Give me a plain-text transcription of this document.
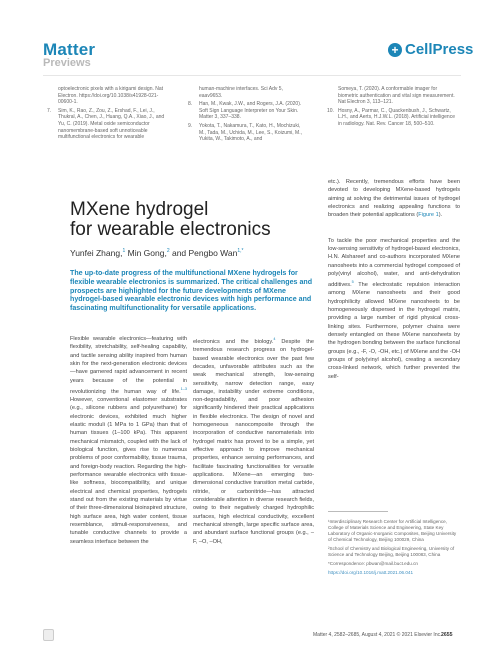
Matter
Previews
+ CellPress
optoelectronic pixels with a kirigami design. Nat Electron. https://doi.org/10.1038/s41928-021-00600-1.
7.	Sim, K., Rao, Z., Zou, Z., Ershad, F., Lei, J., Thukral, A., Chen, J., Huang, Q.A., Xiao, J., and Yu, C. (2019). Metal oxide semiconductor nanomembrane-based soft unnoticeable multifunctional electronics for wearable
human-machine interfaces. Sci Adv 5, eaav9653.
8.	Han, M., Kwak, J.W., and Rogers, J.A. (2020). Soft Sign Language Interpreter on Your Skin. Matter 3, 337–338.
9.	Yokota, T., Nakamura, T., Kato, H., Mochizuki, M., Tada, M., Uchida, M., Lee, S., Koizumi, M., Yukita, W., Takimoto, A., and
Someya, T. (2020). A conformable imager for biometric authentication and vital sign measurement. Nat Electron 3, 113–121.
10. Hosny, A., Parmar, C., Quackenbush, J., Schwartz, L.H., and Aerts, H.J.W.L. (2018). Artificial intelligence in radiology. Nat. Rev. Cancer 18, 500–510.
MXene hydrogel
for wearable electronics
Yunfei Zhang,$^1$ Min Gong,$^2$ and Pengbo Wan$^{1,*}$
The up-to-date progress of the multifunctional MXene hydrogels for flexible wearable electronics is summarized. The critical challenges and prospects are highlighted for the future developments of MXene hydrogel-based wearable electronic devices with high performance and fascinating multifunctionality for versatile applications.
Flexible wearable electronics—featuring with flexibility, stretchability, self-healing capability, and tactile sensing ability inspired from human skin for the next-generation electronic devices—have garnered rapid advancement in recent years because of the potential in revolutionizing the human way of life.$^{1-3}$ However, conventional elastomer substrates (e.g., silicone rubbers and polyurethane) for electronic devices, exhibited much higher elastic moduli (1 MPa to 1 GPa) than that of human tissues (1–100 kPa). This apparent mechanical mismatch, coupled with the lack of biological function, gives rise to numerous problems of poor conformability, tissue trauma, and foreign-body reaction. Regarding the high-performance wearable electronics with tissue-like softness, biocompatibility, and unique electrical and chemical properties, hydrogels stand out from the existing materials by virtue of their three-dimensional bioinspired structure, high surface area, high water content, tissue resemblance, stimuli-responsiveness, and tunable conductive channels to provide a seamless interface between the
electronics and the biology.$^4$ Despite the tremendous research progress on hydrogel-based wearable electronics over the past few decades, unfavorable attributes such as the weak mechanical strength, low-sensing sensitivity, narrow detection range, easy damage, instability under extreme conditions, non-degradability, and poor adhesion significantly hindered their practical applications in flexible electronics. The design of novel and homogeneous nanocomposite through the incorporation of conductive nanomaterials into hydrogel matrix has proved to be a simple, yet effective approach to improve mechanical properties, enhance sensing performances, and facilitate fascinating functionalities for versatile applications. MXene—an emerging two-dimensional conductive transition metal carbide, nitride, or carbonitride—has attracted considerable attention in diverse research fields, owing to their negatively charged hydrophilic surfaces, high electrical conductivity, excellent mechanical strength, large specific surface area, and abundant surface functional groups (e.g., –F, –O, –OH,
etc.). Recently, tremendous efforts have been devoted to developing MXene-based hydrogels aiming at solving the detrimental issues of hydrogel electronics and realizing appealing functions to broaden their potential applications (Figure 1).
To tackle the poor mechanical properties and the low-sensing sensitivity of hydrogel-based electronics, H.N. Alshareef and co-authors incorporated MXene nanosheets into a commercial hydrogel composed of poly(vinyl alcohol), water, and anti-dehydration additives.$^5$ The electrostatic repulsion interaction among MXene nanosheets and their good hydrophilicity allowed MXene nanosheets to be homogeneously dispersed in the hydrogel matrix, providing a large number of rigid physical cross-linking sites. Furthermore, polymer chains were densely entangled on these MXene nanosheets by the hydrogen bonding between the surface functional groups (e.g., -F, -O, -OH, etc.) of MXene and the -OH groups of poly(vinyl alcohol), creating a secondary cross-linked network, which further prevented the self-

¹Interdisciplinary Research Center for Artificial Intelligence, College of Materials Science and Engineering, State Key Laboratory of Organic-Inorganic Composites, Beijing University of Chemical Technology, Beijing 100029, China

²School of Chemistry and Biological Engineering, University of Science and Technology Beijing, Beijing 100083, China

*Correspondence: pbwan@mail.buct.edu.cn

https://doi.org/10.1016/j.matt.2021.06.041

Matter 4, 2582–2685, August 4, 2021 © 2021 Elsevier Inc. 2655
